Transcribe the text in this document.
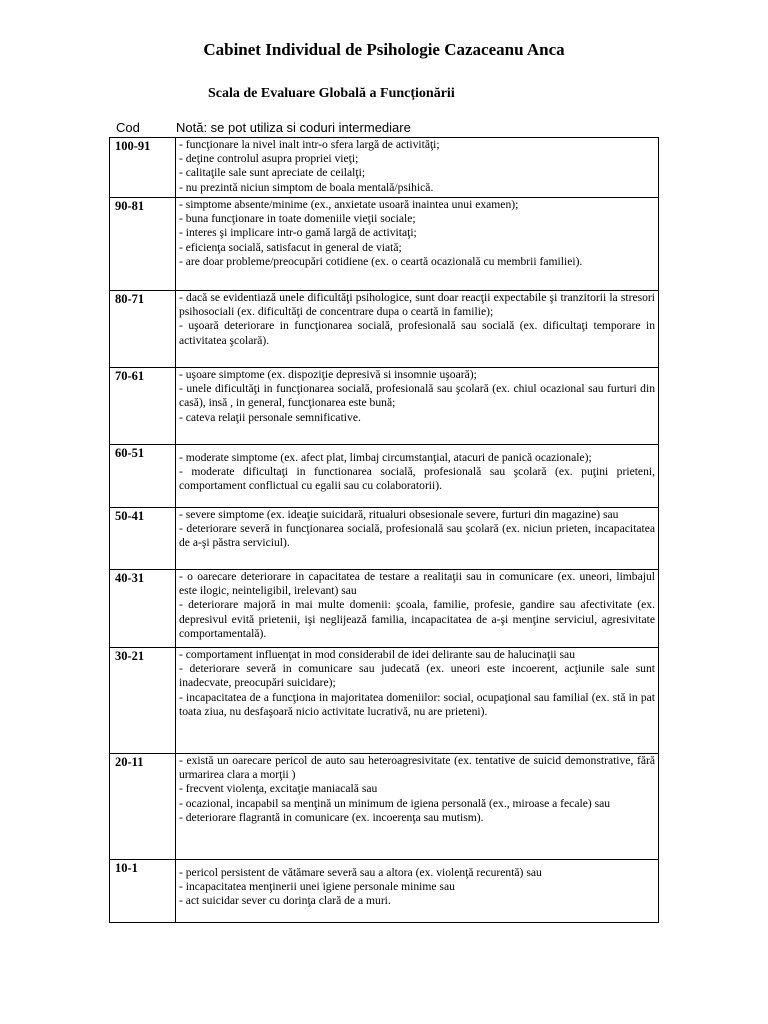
Cabinet Individual de Psihologie Cazaceanu Anca
Scala de Evaluare Globală a Funcționării
Cod	Notă: se pot utiliza si coduri intermediare
100-91	- funcţionare la nivel inalt intr-o sfera largă de activităţi;
- deţine controlul asupra propriei vieţi;
- calitaţile sale sunt apreciate de ceilalţi;
- nu prezintă niciun simptom de boala mentală/psihică.

90-81	- simptome absente/minime (ex., anxietate usoară inaintea unui examen);
- buna funcţionare in toate domeniile vieţii sociale;
- interes şi implicare intr-o gamă largă de activitaţi;
- eficienţa socială, satisfacut in general de viată;
- are doar probleme/preocupări cotidiene (ex. o ceartă ocazională cu membrii familiei).

80-71	- dacă se evidentiază unele dificultăţi psihologice, sunt doar reacţii expectabile şi tranzitorii la stresori psihosociali (ex. dificultăţi de concentrare dupa o ceartă in familie);
- uşoară deteriorare in funcţionarea socială, profesională sau socială (ex. dificultaţi temporare in activitatea şcolară).

70-61	- uşoare simptome (ex. dispoziţie depresivă si insomnie uşoară);
- unele dificultăţi in funcţionarea socială, profesională sau şcolară (ex. chiul ocazional sau furturi din casă), insă , in general, funcţionarea este bună;
- cateva relaţii personale semnificative.

60-51	- moderate simptome (ex. afect plat, limbaj circumstanţial, atacuri de panică ocazionale);
- moderate dificultaţi in functionarea socială, profesională sau şcolară (ex. puţini prieteni, comportament conflictual cu egalii sau cu colaboratorii).

50-41	- severe simptome (ex. ideaţie suicidară, ritualuri obsesionale severe, furturi din magazine) sau
- deteriorare severă in funcţionarea socială, profesională sau şcolară (ex. niciun prieten, incapacitatea de a-şi păstra serviciul).

40-31	- o oarecare deteriorare in capacitatea de testare a realitaţii sau in comunicare (ex. uneori, limbajul este ilogic, neinteligibil, irelevant) sau
- deteriorare majoră in mai multe domenii: şcoala, familie, profesie, gandire sau afectivitate (ex. depresivul evită prietenii, işi neglijează familia, incapacitatea de a-şi menţine serviciul, agresivitate comportamentală).

30-21	- comportament influenţat in mod considerabil de idei delirante sau de halucinaţii sau
- deteriorare severă in comunicare sau judecată (ex. uneori este incoerent, acţiunile sale sunt inadecvate, preocupări suicidare);
- incapacitatea de a funcţiona in majoritatea domeniilor: social, ocupaţional sau familial (ex. stă in pat toata ziua, nu desfaşoară nicio activitate lucrativă, nu are prieteni).

20-11	- există un oarecare pericol de auto sau heteroagresivitate (ex. tentative de suicid demonstrative, fără urmarirea clara a morţii )
- frecvent violenţa, excitaţie maniacală sau
- ocazional, incapabil sa menţină un minimum de igiena personală (ex., miroase a fecale) sau
- deteriorare flagrantă in comunicare (ex. incoerenţa sau mutism).

10-1	- pericol persistent de vătămare severă sau a altora (ex. violenţă recurentă) sau
- incapacitatea menţinerii unei igiene personale minime sau
- act suicidar sever cu dorinţa clară de a muri.
